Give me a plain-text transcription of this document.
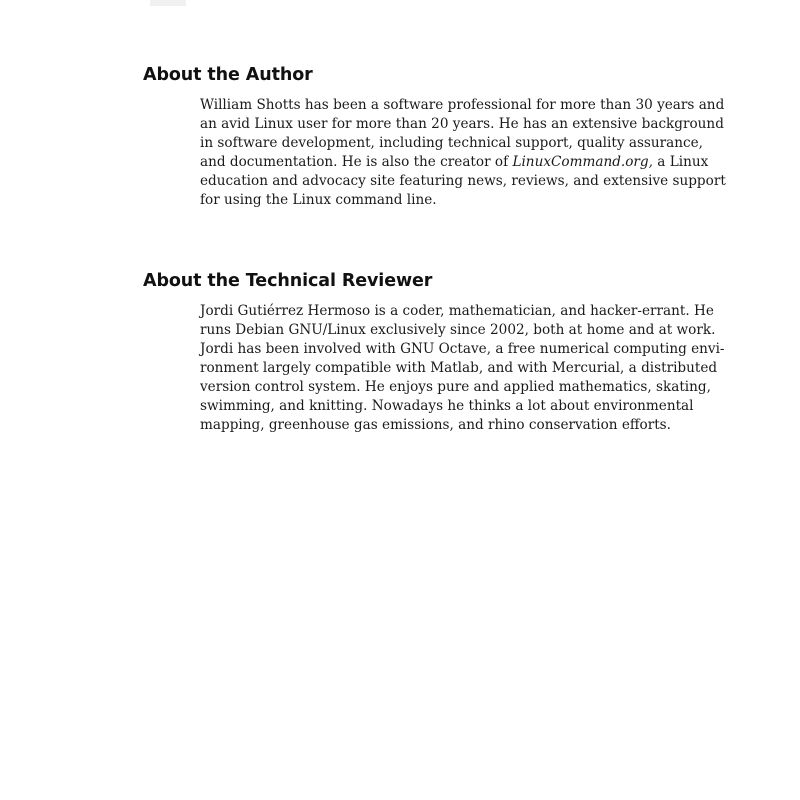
About the Author
William Shotts has been a software professional for more than 30 years and
an avid Linux user for more than 20 years. He has an extensive background
in software development, including technical support, quality assurance,
and documentation. He is also the creator of LinuxCommand.org, a Linux
education and advocacy site featuring news, reviews, and extensive support
for using the Linux command line.
About the Technical Reviewer
Jordi Gutiérrez Hermoso is a coder, mathematician, and hacker-errant. He
runs Debian GNU/Linux exclusively since 2002, both at home and at work.
Jordi has been involved with GNU Octave, a free numerical computing envi-
ronment largely compatible with Matlab, and with Mercurial, a distributed
version control system. He enjoys pure and applied mathematics, skating,
swimming, and knitting. Nowadays he thinks a lot about environmental
mapping, greenhouse gas emissions, and rhino conservation efforts.
